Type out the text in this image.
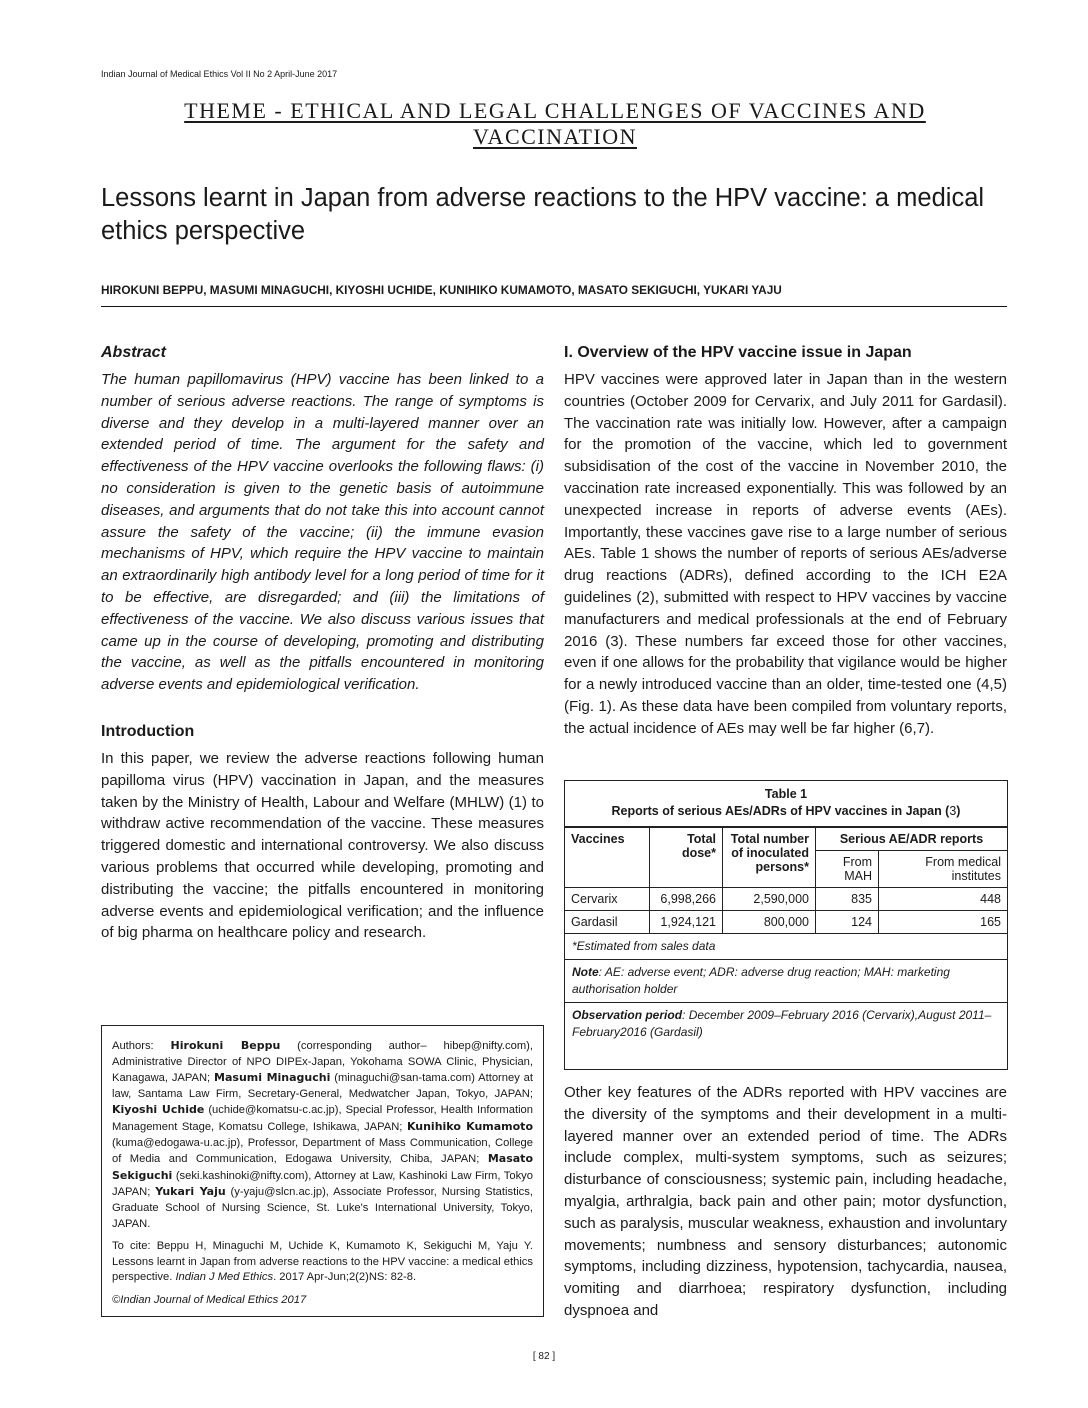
Indian Journal of Medical Ethics Vol II No 2 April-June 2017
THEME - ETHICAL AND LEGAL CHALLENGES OF VACCINES AND
VACCINATION
Lessons learnt in Japan from adverse reactions to the HPV vaccine: a medical ethics perspective
HIROKUNI BEPPU, MASUMI MINAGUCHI, KIYOSHI UCHIDE, KUNIHIKO KUMAMOTO, MASATO SEKIGUCHI, YUKARI YAJU
Abstract

The human papillomavirus (HPV) vaccine has been linked to a number of serious adverse reactions. The range of symptoms is diverse and they develop in a multi-layered manner over an extended period of time. The argument for the safety and effectiveness of the HPV vaccine overlooks the following flaws: (i) no consideration is given to the genetic basis of autoimmune diseases, and arguments that do not take this into account cannot assure the safety of the vaccine; (ii) the immune evasion mechanisms of HPV, which require the HPV vaccine to maintain an extraordinarily high antibody level for a long period of time for it to be effective, are disregarded; and (iii) the limitations of effectiveness of the vaccine. We also discuss various issues that came up in the course of developing, promoting and distributing the vaccine, as well as the pitfalls encountered in monitoring adverse events and epidemiological verification.

Introduction

In this paper, we review the adverse reactions following human papilloma virus (HPV) vaccination in Japan, and the measures taken by the Ministry of Health, Labour and Welfare (MHLW) (1) to withdraw active recommendation of the vaccine. These measures triggered domestic and international controversy. We also discuss various problems that occurred while developing, promoting and distributing the vaccine; the pitfalls encountered in monitoring adverse events and epidemiological verification; and the influence of big pharma on healthcare policy and research.

Authors: Hirokuni Beppu (corresponding author– hibep@nifty.com), Administrative Director of NPO DIPEx-Japan, Yokohama SOWA Clinic, Physician, Kanagawa, JAPAN; Masumi Minaguchi (minaguchi@san-tama.com) Attorney at law, Santama Law Firm, Secretary-General, Medwatcher Japan, Tokyo, JAPAN; Kiyoshi Uchide (uchide@komatsu-c.ac.jp), Special Professor, Health Information Management Stage, Komatsu College, Ishikawa, JAPAN; Kunihiko Kumamoto (kuma@edogawa-u.ac.jp), Professor, Department of Mass Communication, College of Media and Communication, Edogawa University, Chiba, JAPAN; Masato Sekiguchi (seki.kashinoki@nifty.com), Attorney at Law, Kashinoki Law Firm, Tokyo JAPAN; Yukari Yaju (y-yaju@slcn.ac.jp), Associate Professor, Nursing Statistics, Graduate School of Nursing Science, St. Luke's International University, Tokyo, JAPAN.

To cite: Beppu H, Minaguchi M, Uchide K, Kumamoto K, Sekiguchi M, Yaju Y. Lessons learnt in Japan from adverse reactions to the HPV vaccine: a medical ethics perspective. Indian J Med Ethics. 2017 Apr-Jun;2(2)NS: 82-8.

©Indian Journal of Medical Ethics 2017

I. Overview of the HPV vaccine issue in Japan

HPV vaccines were approved later in Japan than in the western countries (October 2009 for Cervarix, and July 2011 for Gardasil). The vaccination rate was initially low. However, after a campaign for the promotion of the vaccine, which led to government subsidisation of the cost of the vaccine in November 2010, the vaccination rate increased exponentially. This was followed by an unexpected increase in reports of adverse events (AEs). Importantly, these vaccines gave rise to a large number of serious AEs. Table 1 shows the number of reports of serious AEs/adverse drug reactions (ADRs), defined according to the ICH E2A guidelines (2), submitted with respect to HPV vaccines by vaccine manufacturers and medical professionals at the end of February 2016 (3). These numbers far exceed those for other vaccines, even if one allows for the probability that vigilance would be higher for a newly introduced vaccine than an older, time-tested one (4,5) (Fig. 1). As these data have been compiled from voluntary reports, the actual incidence of AEs may well be far higher (6,7).

Table 1
Reports of serious AEs/ADRs of HPV vaccines in Japan (3)
Vaccines	Total dose*	Total number of inoculated persons*	Serious AE/ADR reports	
			From MAH	From medical institutes
Cervarix	6,998,266	2,590,000	835	448
Gardasil	1,924,121	800,000	124	165
*Estimated from sales data
Note: AE: adverse event; ADR: adverse drug reaction; MAH: marketing authorisation holder
Observation period: December 2009–February 2016 (Cervarix),August 2011–February2016 (Gardasil)

Other key features of the ADRs reported with HPV vaccines are the diversity of the symptoms and their development in a multi-layered manner over an extended period of time. The ADRs include complex, multi-system symptoms, such as seizures; disturbance of consciousness; systemic pain, including headache, myalgia, arthralgia, back pain and other pain; motor dysfunction, such as paralysis, muscular weakness, exhaustion and involuntary movements; numbness and sensory disturbances; autonomic symptoms, including dizziness, hypotension, tachycardia, nausea, vomiting and diarrhoea; respiratory dysfunction, including dyspnoea and

[ 82 ]
